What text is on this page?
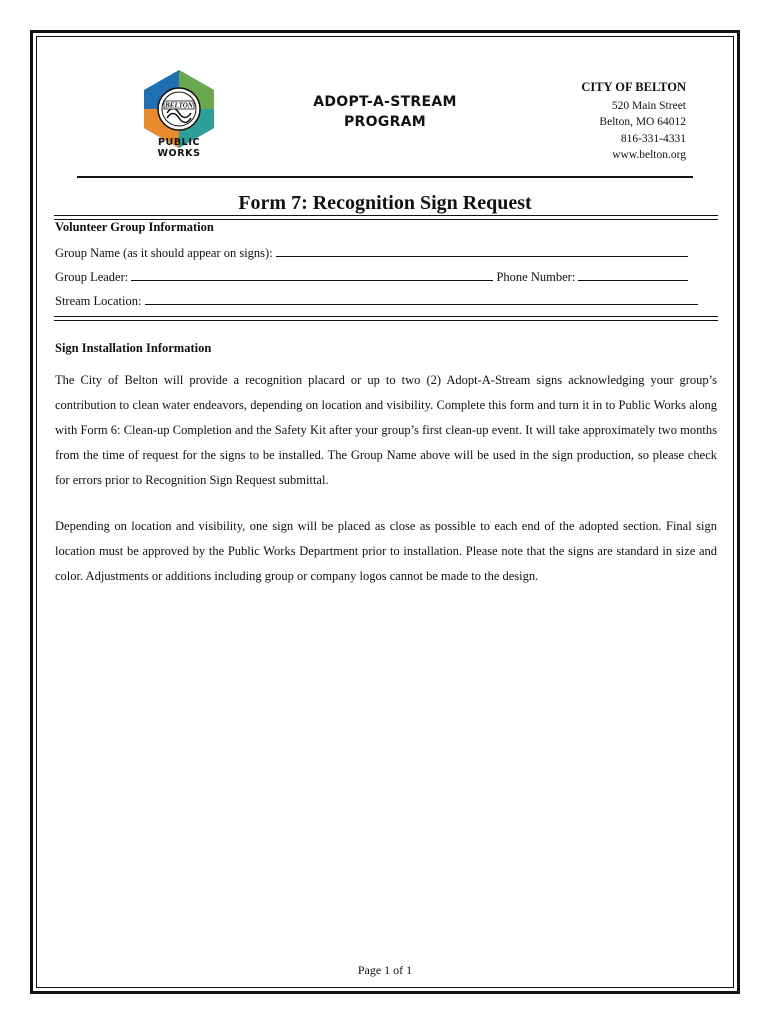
BELTON
PUBLIC WORKS
ADOPT-A-STREAM
PROGRAM
CITY OF BELTON
520 Main Street
Belton, MO 64012
816-331-4331
www.belton.org
Form 7: Recognition Sign Request
Volunteer Group Information
Group Name (as it should appear on signs):
Group Leader:	Phone Number:
Stream Location:
Sign Installation Information

The City of Belton will provide a recognition placard or up to two (2) Adopt-A-Stream signs acknowledging your group’s contribution to clean water endeavors, depending on location and visibility. Complete this form and turn it in to Public Works along with Form 6: Clean-up Completion and the Safety Kit after your group’s first clean-up event. It will take approximately two months from the time of request for the signs to be installed. The Group Name above will be used in the sign production, so please check for errors prior to Recognition Sign Request submittal.

Depending on location and visibility, one sign will be placed as close as possible to each end of the adopted section. Final sign location must be approved by the Public Works Department prior to installation. Please note that the signs are standard in size and color. Adjustments or additions including group or company logos cannot be made to the design.

Page 1 of 1
